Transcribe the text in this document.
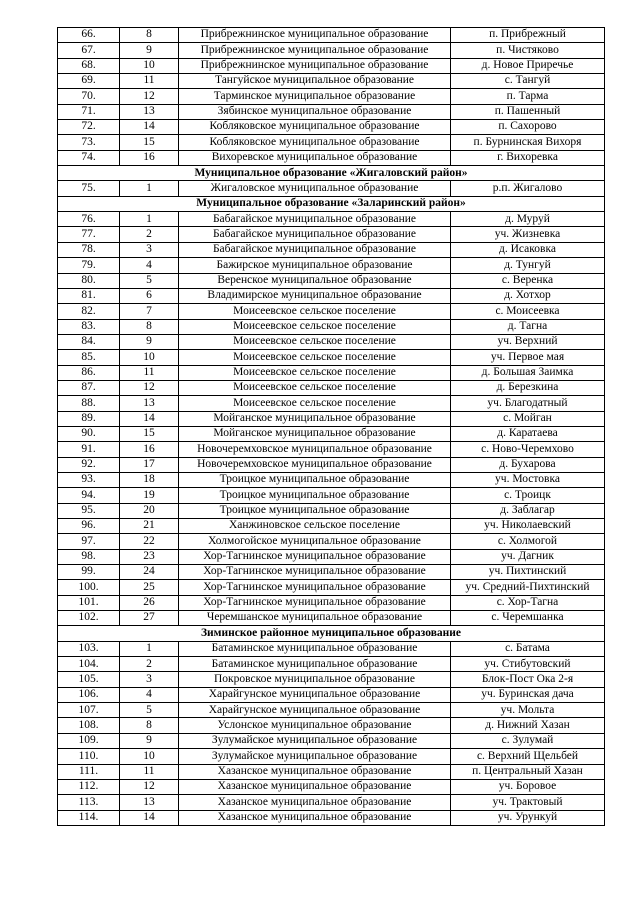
66.	8	Прибрежнинское муниципальное образование	п. Прибрежный
67.	9	Прибрежнинское муниципальное образование	п. Чистяково
68.	10	Прибрежнинское муниципальное образование	д. Новое Приречье
69.	11	Тангуйское муниципальное образование	с. Тангуй
70.	12	Тарминское муниципальное образование	п. Тарма
71.	13	Зябинское муниципальное образование	п. Пашенный
72.	14	Кобляковское муниципальное образование	п. Сахорово
73.	15	Кобляковское муниципальное образование	п. Бурнинская Вихоря
74.	16	Вихоревское муниципальное образование	г. Вихоревка
Муниципальное образование «Жигаловский район»			
75.	1	Жигаловское муниципальное образование	р.п. Жигалово
Муниципальное образование «Заларинский район»			
76.	1	Бабагайское муниципальное образование	д. Муруй
77.	2	Бабагайское муниципальное образование	уч. Жизневка
78.	3	Бабагайское муниципальное образование	д. Исаковка
79.	4	Бажирское муниципальное образование	д. Тунгуй
80.	5	Веренское муниципальное образование	с. Веренка
81.	6	Владимирское муниципальное образование	д. Хотхор
82.	7	Моисеевское сельское поселение	с. Моисеевка
83.	8	Моисеевское сельское поселение	д. Тагна
84.	9	Моисеевское сельское поселение	уч. Верхний
85.	10	Моисеевское сельское поселение	уч. Первое мая
86.	11	Моисеевское сельское поселение	д. Большая Заимка
87.	12	Моисеевское сельское поселение	д. Березкина
88.	13	Моисеевское сельское поселение	уч. Благодатный
89.	14	Мойганское муниципальное образование	с. Мойган
90.	15	Мойганское муниципальное образование	д. Каратаева
91.	16	Новочеремховское муниципальное образование	с. Ново-Черемхово
92.	17	Новочеремховское муниципальное образование	д. Бухарова
93.	18	Троицкое муниципальное образование	уч. Мостовка
94.	19	Троицкое муниципальное образование	с. Троицк
95.	20	Троицкое муниципальное образование	д. Заблагар
96.	21	Ханжиновское сельское поселение	уч. Николаевский
97.	22	Холмогойское муниципальное образование	с. Холмогой
98.	23	Хор-Тагнинское муниципальное образование	уч. Дагник
99.	24	Хор-Тагнинское муниципальное образование	уч. Пихтинский
100.	25	Хор-Тагнинское муниципальное образование	уч. Средний-Пихтинский
101.	26	Хор-Тагнинское муниципальное образование	с. Хор-Тагна
102.	27	Черемшанское муниципальное образование	с. Черемшанка
Зиминское районное муниципальное образование			
103.	1	Батаминское муниципальное образование	с. Батама
104.	2	Батаминское муниципальное образование	уч. Стибутовский
105.	3	Покровское муниципальное образование	Блок-Пост Ока 2-я
106.	4	Харайгунское муниципальное образование	уч. Буринская дача
107.	5	Харайгунское муниципальное образование	уч. Мольта
108.	8	Услонское муниципальное образование	д. Нижний Хазан
109.	9	Зулумайское муниципальное образование	с. Зулумай
110.	10	Зулумайское муниципальное образование	с. Верхний Щельбей
111.	11	Хазанское муниципальное образование	п. Центральный Хазан
112.	12	Хазанское муниципальное образование	уч. Боровое
113.	13	Хазанское муниципальное образование	уч. Трактовый
114.	14	Хазанское муниципальное образование	уч. Урункуй
